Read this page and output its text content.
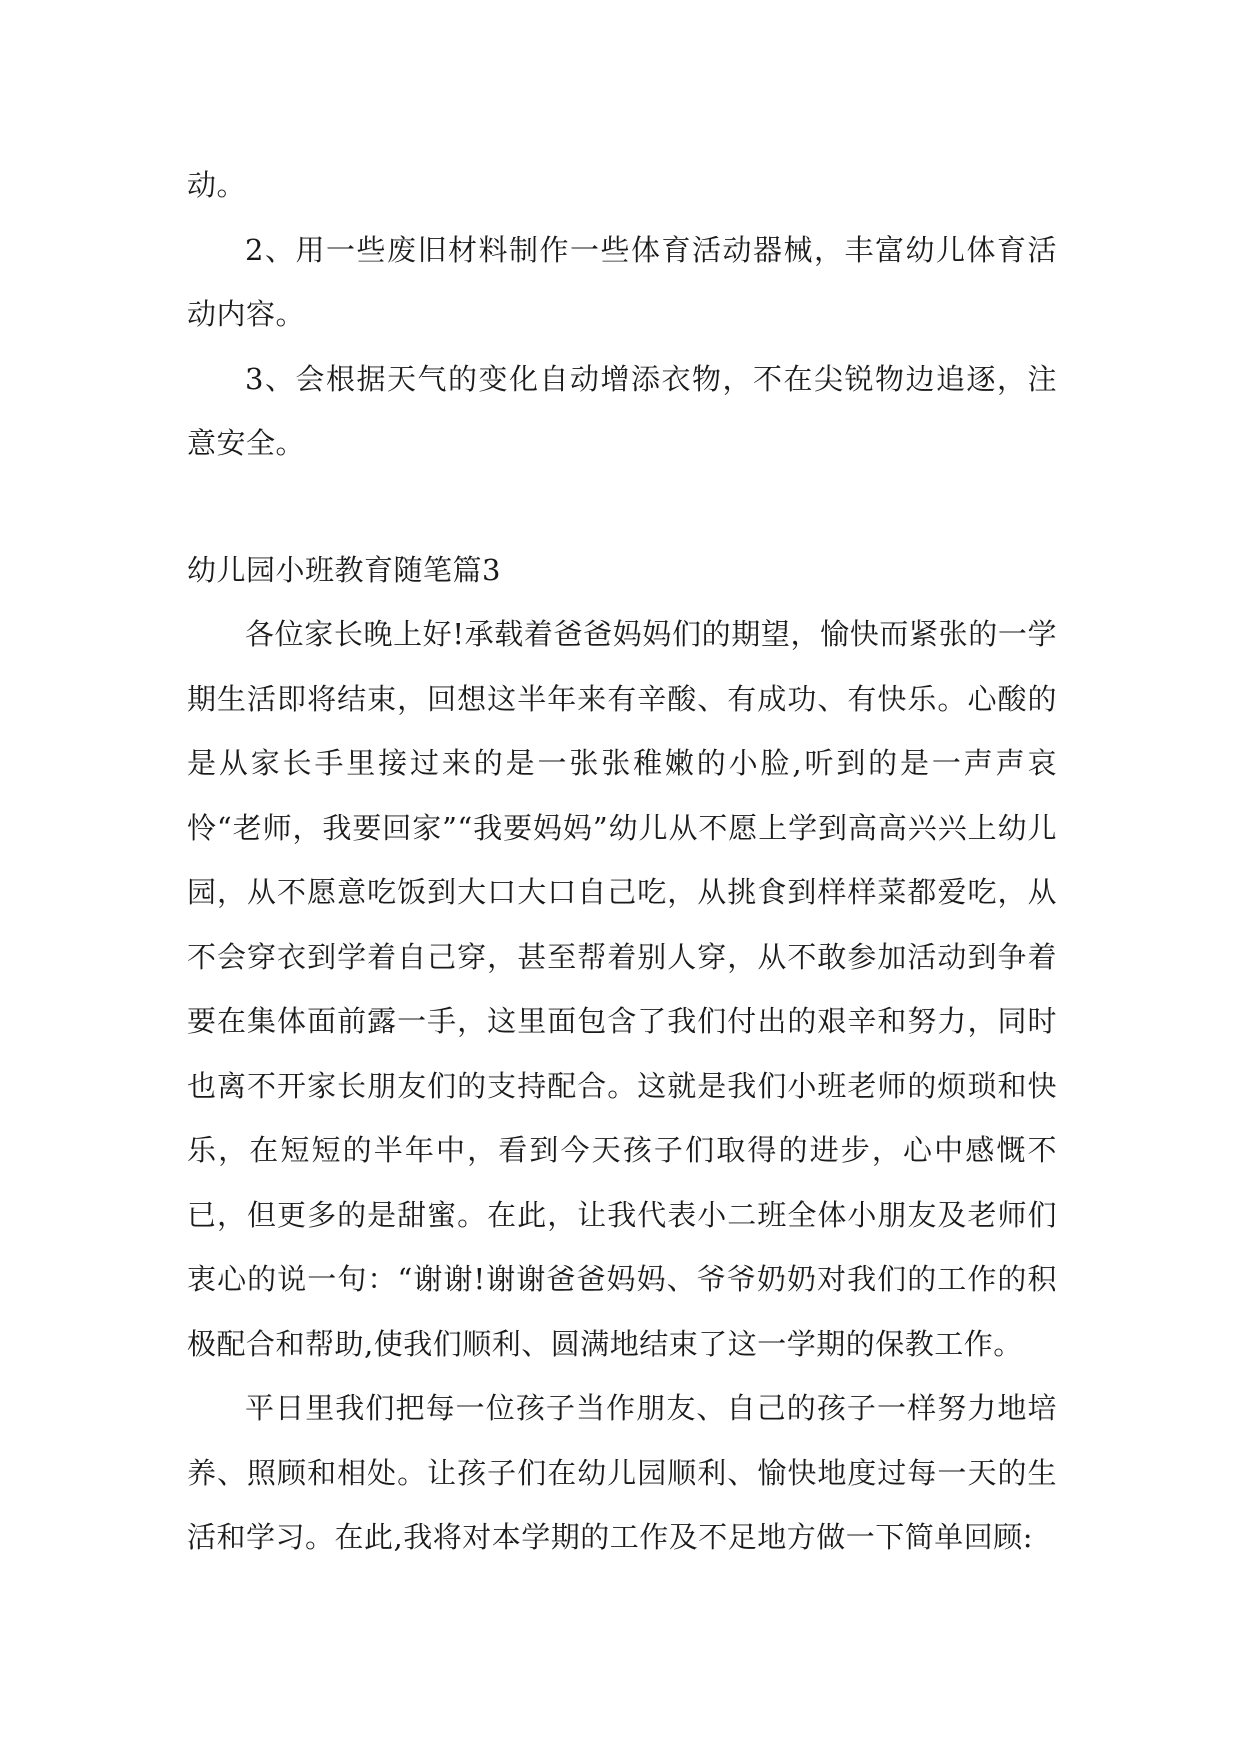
动。

2、用一些废旧材料制作一些体育活动器械，丰富幼儿体育活动内容。

3、会根据天气的变化自动增添衣物，不在尖锐物边追逐，注意安全。

幼儿园小班教育随笔篇3

各位家长晚上好!承载着爸爸妈妈们的期望，愉快而紧张的一学期生活即将结束，回想这半年来有辛酸、有成功、有快乐。心酸的是从家长手里接过来的是一张张稚嫩的小脸,听到的是一声声哀怜“老师，我要回家”“我要妈妈”幼儿从不愿上学到高高兴兴上幼儿园，从不愿意吃饭到大口大口自己吃，从挑食到样样菜都爱吃，从不会穿衣到学着自己穿，甚至帮着别人穿，从不敢参加活动到争着要在集体面前露一手，这里面包含了我们付出的艰辛和努力，同时也离不开家长朋友们的支持配合。这就是我们小班老师的烦琐和快乐，在短短的半年中，看到今天孩子们取得的进步，心中感慨不已，但更多的是甜蜜。在此，让我代表小二班全体小朋友及老师们衷心的说一句：“谢谢!谢谢爸爸妈妈、爷爷奶奶对我们的工作的积极配合和帮助,使我们顺利、圆满地结束了这一学期的保教工作。

平日里我们把每一位孩子当作朋友、自己的孩子一样努力地培养、照顾和相处。让孩子们在幼儿园顺利、愉快地度过每一天的生活和学习。在此,我将对本学期的工作及不足地方做一下简单回顾:
